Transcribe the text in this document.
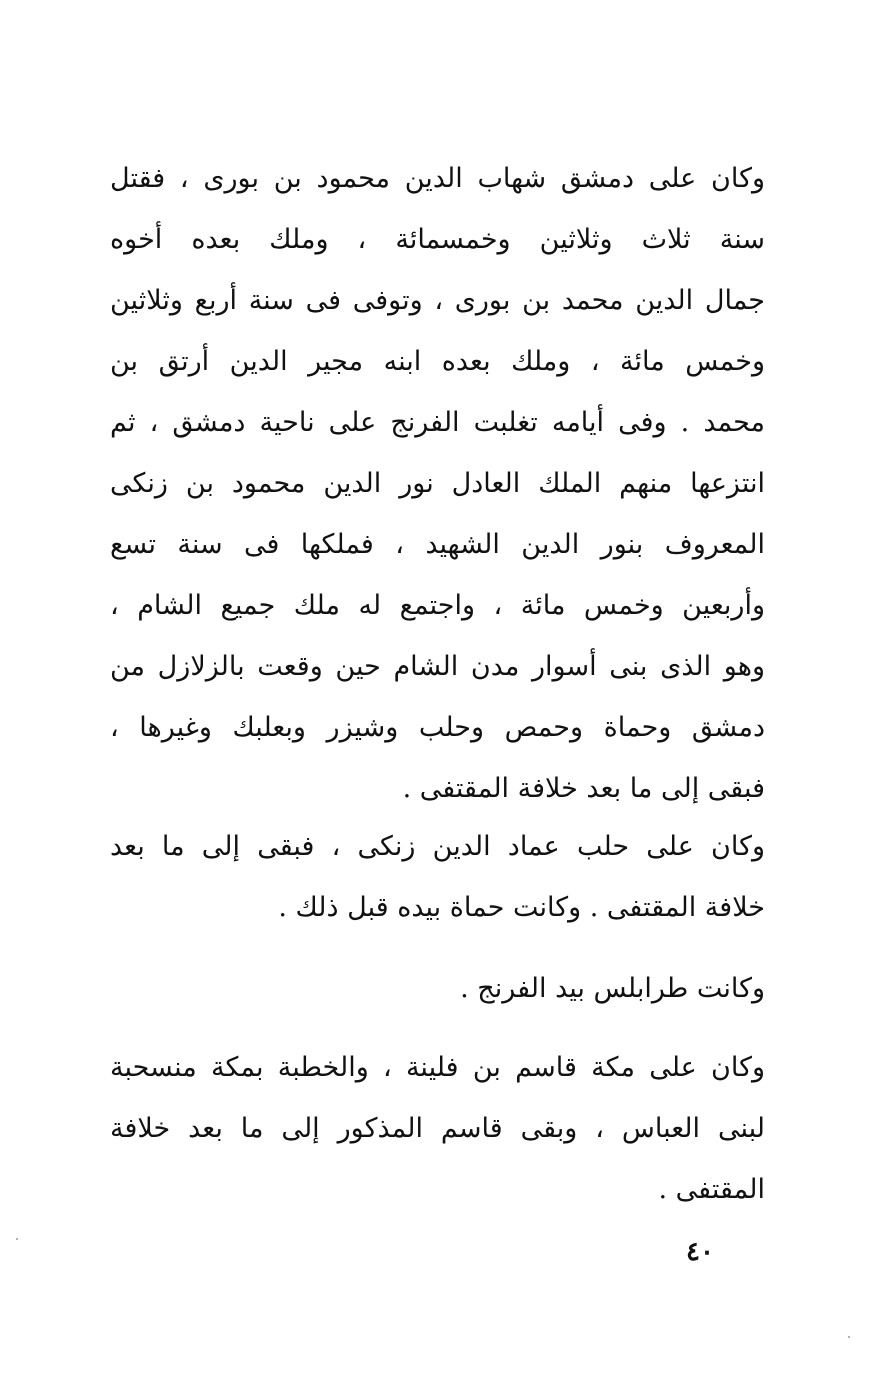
وكان على دمشق شهاب الدين محمود بن بورى ، فقتل
سنة ثلاث وثلاثين وخمسمائة ، وملك بعده أخوه
جمال الدين محمد بن بورى ، وتوفى فى سنة أربع وثلاثين
وخمس مائة ، وملك بعده ابنه مجير الدين أرتق بن
محمد . وفى أيامه تغلبت الفرنج على ناحية دمشق ، ثم
انتزعها منهم الملك العادل نور الدين محمود بن زنكى
المعروف بنور الدين الشهيد ، فملكها فى سنة تسع
وأربعين وخمس مائة ، واجتمع له ملك جميع الشام ،
وهو الذى بنى أسوار مدن الشام حين وقعت بالزلازل من
دمشق وحماة وحمص وحلب وشيزر وبعلبك وغيرها ،
فبقى إلى ما بعد خلافة المقتفى .
وكان على حلب عماد الدين زنكى ، فبقى إلى ما بعد
خلافة المقتفى . وكانت حماة بيده قبل ذلك .
وكانت طرابلس بيد الفرنج .
وكان على مكة قاسم بن فلينة ، والخطبة بمكة منسحبة
لبنى العباس ، وبقى قاسم المذكور إلى ما بعد خلافة
المقتفى .
٤٠
